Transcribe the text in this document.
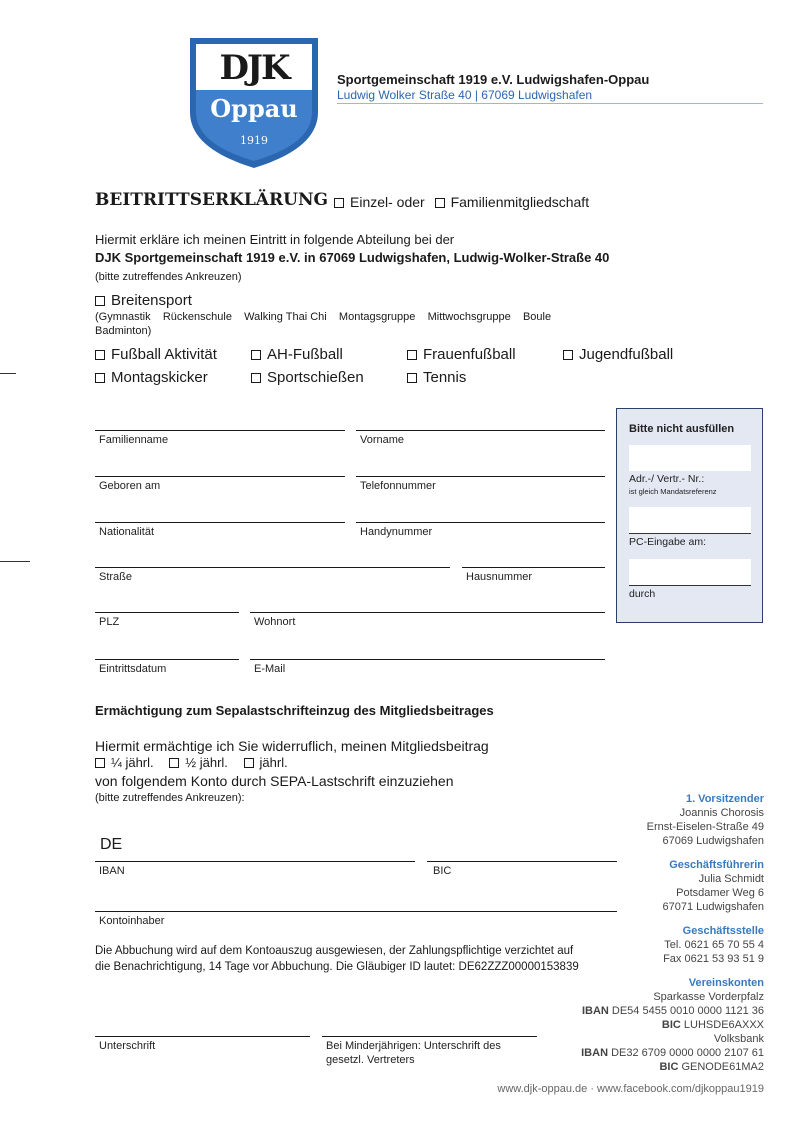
DJK
Oppau
1919
Sportgemeinschaft 1919 e.V. Ludwigshafen-Oppau
Ludwig Wolker Straße 40 | 67069 Ludwigshafen
BEITRITTSERKLÄRUNG	Einzel- oder Familienmitgliedschaft
Hiermit erkläre ich meinen Eintritt in folgende Abteilung bei der
DJK Sportgemeinschaft 1919 e.V. in 67069 Ludwigshafen, Ludwig-Wolker-Straße 40
(bitte zutreffendes Ankreuzen)
Breitensport
(Gymnastik    Rückenschule    Walking Thai Chi    Montagsgruppe    Mittwochsgruppe    Boule
Badminton)
Fußball Aktivität	AH-Fußball	Frauenfußball	Jugendfußball
Montagskicker	Sportschießen	Tennis
Familienname	Vorname
Geboren am	Telefonnummer
Nationalität	Handynummer
Straße	Hausnummer
PLZ	Wohnort
Eintrittsdatum	E-Mail
Bitte nicht ausfüllen
Adr.-/ Vertr.- Nr.:
ist gleich Mandatsreferenz
PC-Eingabe am:
durch
Ermächtigung zum Sepalastschrifteinzug des Mitgliedsbeitrages
Hiermit ermächtige ich Sie widerruflich, meinen Mitgliedsbeitrag
¼ jährl. ½ jährl. jährl.
von folgendem Konto durch SEPA-Lastschrift einzuziehen
(bitte zutreffendes Ankreuzen):
DE
IBAN	BIC
Kontoinhaber
Die Abbuchung wird auf dem Kontoauszug ausgewiesen, der Zahlungspflichtige verzichtet auf
die Benachrichtigung, 14 Tage vor Abbuchung. Die Gläubiger ID lautet: DE62ZZZ00000153839
Unterschrift	Bei Minderjährigen: Unterschrift des
gesetzl. Vertreters
1. Vorsitzender
Joannis Chorosis
Ernst-Eiselen-Straße 49
67069 Ludwigshafen
Geschäftsführerin
Julia Schmidt
Potsdamer Weg 6
67071 Ludwigshafen
Geschäftsstelle
Tel. 0621 65 70 55 4
Fax 0621 53 93 51 9
Vereinskonten
Sparkasse Vorderpfalz
IBAN DE54 5455 0010 0000 1121 36
BIC LUHSDE6AXXX
Volksbank
IBAN DE32 6709 0000 0000 2107 61
BIC GENODE61MA2
www.djk-oppau.de · www.facebook.com/djkoppau1919
